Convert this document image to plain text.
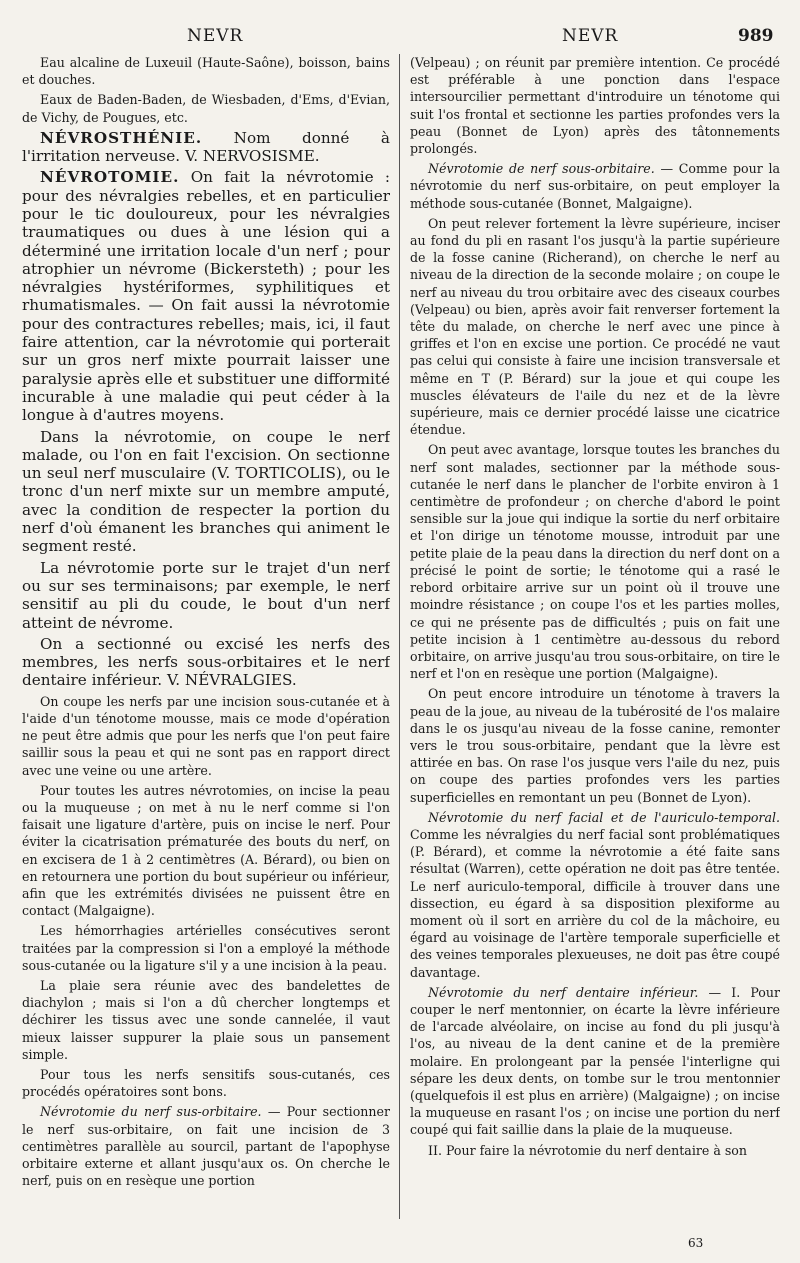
NEVR	NEVR	989

Eau alcaline de Luxeuil (Haute-Saône), boisson, bains et douches.

Eaux de Baden-Baden, de Wiesbaden, d'Ems, d'Evian, de Vichy, de Pougues, etc.

NÉVROSTHÉNIE. Nom donné à l'irritation nerveuse. V. NERVOSISME.

NÉVROTOMIE. On fait la névrotomie : pour des névralgies rebelles, et en particulier pour le tic douloureux, pour les névralgies traumatiques ou dues à une lésion qui a déterminé une irritation locale d'un nerf ; pour atrophier un névrome (Bickersteth) ; pour les névralgies hystériformes, syphilitiques et rhumatismales. — On fait aussi la névrotomie pour des contractures rebelles; mais, ici, il faut faire attention, car la névrotomie qui porterait sur un gros nerf mixte pourrait laisser une paralysie après elle et substituer une difformité incurable à une maladie qui peut céder à la longue à d'autres moyens.

Dans la névrotomie, on coupe le nerf malade, ou l'on en fait l'excision. On sectionne un seul nerf musculaire (V. TORTICOLIS), ou le tronc d'un nerf mixte sur un membre amputé, avec la condition de respecter la portion du nerf d'où émanent les branches qui animent le segment resté.

La névrotomie porte sur le trajet d'un nerf ou sur ses terminaisons; par exemple, le nerf sensitif au pli du coude, le bout d'un nerf atteint de névrome.

On a sectionné ou excisé les nerfs des membres, les nerfs sous-orbitaires et le nerf dentaire inférieur. V. NÉVRALGIES.

On coupe les nerfs par une incision sous-cutanée et à l'aide d'un ténotome mousse, mais ce mode d'opération ne peut être admis que pour les nerfs que l'on peut faire saillir sous la peau et qui ne sont pas en rapport direct avec une veine ou une artère.

Pour toutes les autres névrotomies, on incise la peau ou la muqueuse ; on met à nu le nerf comme si l'on faisait une ligature d'artère, puis on incise le nerf. Pour éviter la cicatrisation prématurée des bouts du nerf, on en excisera de 1 à 2 centimètres (A. Bérard), ou bien on en retournera une portion du bout supérieur ou inférieur, afin que les extrémités divisées ne puissent être en contact (Malgaigne).

Les hémorrhagies artérielles consécutives seront traitées par la compression si l'on a employé la méthode sous-cutanée ou la ligature s'il y a une incision à la peau.

La plaie sera réunie avec des bandelettes de diachylon ; mais si l'on a dû chercher longtemps et déchirer les tissus avec une sonde cannelée, il vaut mieux laisser suppurer la plaie sous un pansement simple.

Pour tous les nerfs sensitifs sous-cutanés, ces procédés opératoires sont bons.

Névrotomie du nerf sus-orbitaire. — Pour sectionner le nerf sus-orbitaire, on fait une incision de 3 centimètres parallèle au sourcil, partant de l'apophyse orbitaire externe et allant jusqu'aux os. On cherche le nerf, puis on en resèque une portion

(Velpeau) ; on réunit par première intention. Ce procédé est préférable à une ponction dans l'espace intersourcilier permettant d'introduire un ténotome qui suit l'os frontal et sectionne les parties profondes vers la peau (Bonnet de Lyon) après des tâtonnements prolongés.

Névrotomie de nerf sous-orbitaire. — Comme pour la névrotomie du nerf sus-orbitaire, on peut employer la méthode sous-cutanée (Bonnet, Malgaigne).

On peut relever fortement la lèvre supérieure, inciser au fond du pli en rasant l'os jusqu'à la partie supérieure de la fosse canine (Richerand), on cherche le nerf au niveau de la direction de la seconde molaire ; on coupe le nerf au niveau du trou orbitaire avec des ciseaux courbes (Velpeau) ou bien, après avoir fait renverser fortement la tête du malade, on cherche le nerf avec une pince à griffes et l'on en excise une portion. Ce procédé ne vaut pas celui qui consiste à faire une incision transversale et même en T (P. Bérard) sur la joue et qui coupe les muscles élévateurs de l'aile du nez et de la lèvre supérieure, mais ce dernier procédé laisse une cicatrice étendue.

On peut avec avantage, lorsque toutes les branches du nerf sont malades, sectionner par la méthode sous-cutanée le nerf dans le plancher de l'orbite environ à 1 centimètre de profondeur ; on cherche d'abord le point sensible sur la joue qui indique la sortie du nerf orbitaire et l'on dirige un ténotome mousse, introduit par une petite plaie de la peau dans la direction du nerf dont on a précisé le point de sortie; le ténotome qui a rasé le rebord orbitaire arrive sur un point où il trouve une moindre résistance ; on coupe l'os et les parties molles, ce qui ne présente pas de difficultés ; puis on fait une petite incision à 1 centimètre au-dessous du rebord orbitaire, on arrive jusqu'au trou sous-orbitaire, on tire le nerf et l'on en resèque une portion (Malgaigne).

On peut encore introduire un ténotome à travers la peau de la joue, au niveau de la tubérosité de l'os malaire dans le os jusqu'au niveau de la fosse canine, remonter vers le trou sous-orbitaire, pendant que la lèvre est attirée en bas. On rase l'os jusque vers l'aile du nez, puis on coupe des parties profondes vers les parties superficielles en remontant un peu (Bonnet de Lyon).

Névrotomie du nerf facial et de l'auriculo-temporal. Comme les névralgies du nerf facial sont problématiques (P. Bérard), et comme la névrotomie a été faite sans résultat (Warren), cette opération ne doit pas être tentée. Le nerf auriculo-temporal, difficile à trouver dans une dissection, eu égard à sa disposition plexiforme au moment où il sort en arrière du col de la mâchoire, eu égard au voisinage de l'artère temporale superficielle et des veines temporales plexueuses, ne doit pas être coupé davantage.

Névrotomie du nerf dentaire inférieur. — I. Pour couper le nerf mentonnier, on écarte la lèvre inférieure de l'arcade alvéolaire, on incise au fond du pli jusqu'à l'os, au niveau de la dent canine et de la première molaire. En prolongeant par la pensée l'interligne qui sépare les deux dents, on tombe sur le trou mentonnier (quelquefois il est plus en arrière) (Malgaigne) ; on incise la muqueuse en rasant l'os ; on incise une portion du nerf coupé qui fait saillie dans la plaie de la muqueuse.

II. Pour faire la névrotomie du nerf dentaire à son

63
